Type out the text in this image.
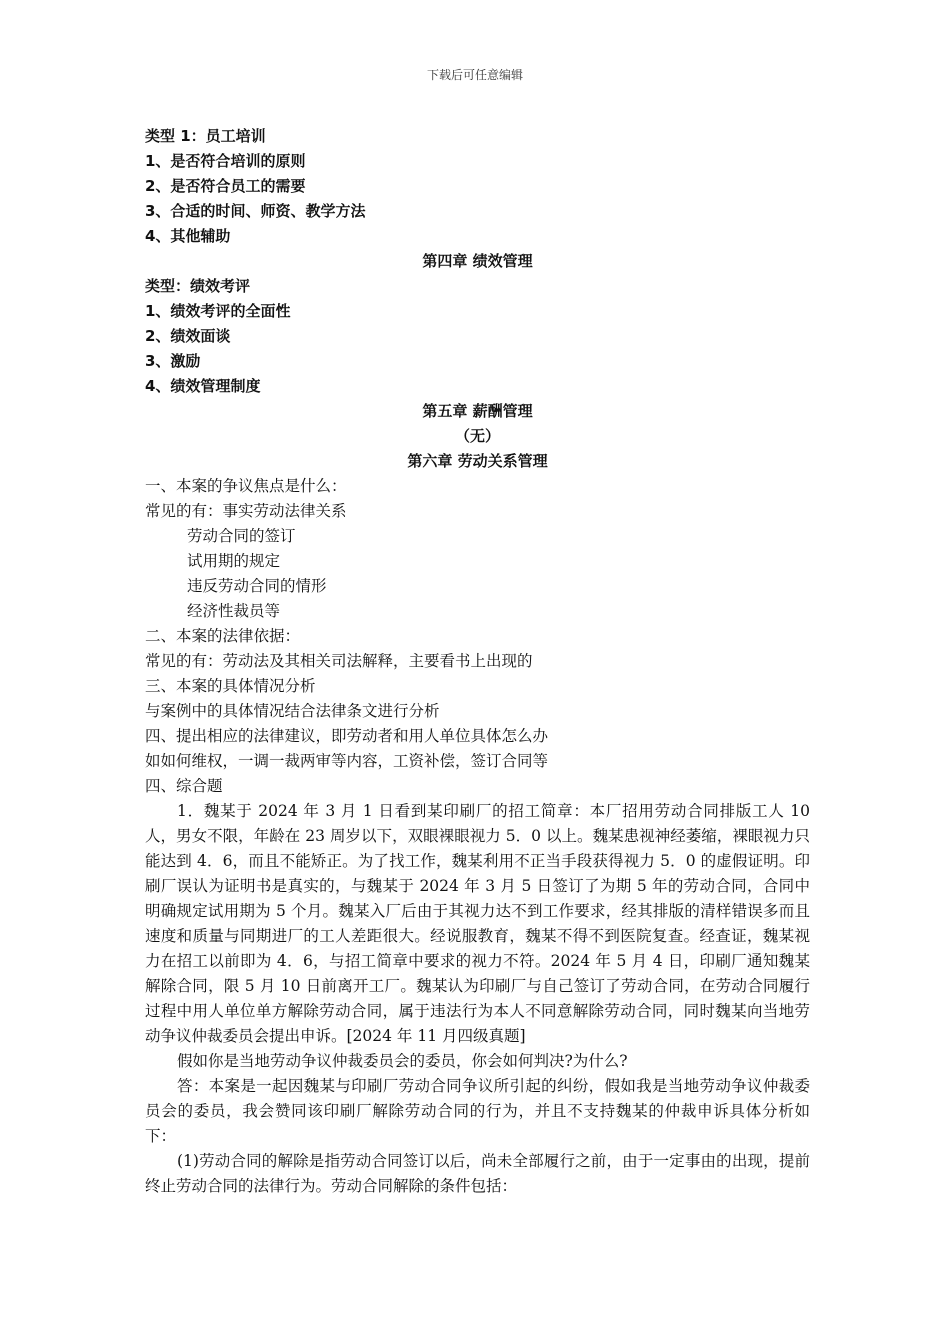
下载后可任意编辑
类型 1：员工培训
1、是否符合培训的原则
2、是否符合员工的需要
3、合适的时间、师资、教学方法
4、其他辅助
第四章 绩效管理
类型：绩效考评
1、绩效考评的全面性
2、绩效面谈
3、激励
4、绩效管理制度
第五章 薪酬管理
（无）
第六章 劳动关系管理
一、本案的争议焦点是什么：
常见的有：事实劳动法律关系
劳动合同的签订
试用期的规定
违反劳动合同的情形
经济性裁员等
二、本案的法律依据：
常见的有：劳动法及其相关司法解释，主要看书上出现的
三、本案的具体情况分析
与案例中的具体情况结合法律条文进行分析
四、提出相应的法律建议，即劳动者和用人单位具体怎么办
如如何维权，一调一裁两审等内容，工资补偿，签订合同等
四、综合题

1．魏某于 2024 年 3 月 1 日看到某印刷厂的招工简章：本厂招用劳动合同排版工人 10 人，男女不限，年龄在 23 周岁以下，双眼裸眼视力 5．0 以上。魏某患视神经萎缩，裸眼视力只能达到 4．6，而且不能矫正。为了找工作，魏某利用不正当手段获得视力 5．0 的虚假证明。印刷厂误认为证明书是真实的，与魏某于 2024 年 3 月 5 日签订了为期 5 年的劳动合同，合同中明确规定试用期为 5 个月。魏某入厂后由于其视力达不到工作要求，经其排版的清样错误多而且速度和质量与同期进厂的工人差距很大。经说服教育，魏某不得不到医院复查。经查证，魏某视力在招工以前即为 4．6，与招工简章中要求的视力不符。2024 年 5 月 4 日，印刷厂通知魏某解除合同，限 5 月 10 日前离开工厂。魏某认为印刷厂与自己签订了劳动合同，在劳动合同履行过程中用人单位单方解除劳动合同，属于违法行为本人不同意解除劳动合同，同时魏某向当地劳动争议仲裁委员会提出申诉。[2024 年 11 月四级真题]

假如你是当地劳动争议仲裁委员会的委员，你会如何判决?为什么?

答：本案是一起因魏某与印刷厂劳动合同争议所引起的纠纷，假如我是当地劳动争议仲裁委员会的委员，我会赞同该印刷厂解除劳动合同的行为，并且不支持魏某的仲裁申诉具体分析如下：

(1)劳动合同的解除是指劳动合同签订以后，尚未全部履行之前，由于一定事由的出现，提前终止劳动合同的法律行为。劳动合同解除的条件包括：
